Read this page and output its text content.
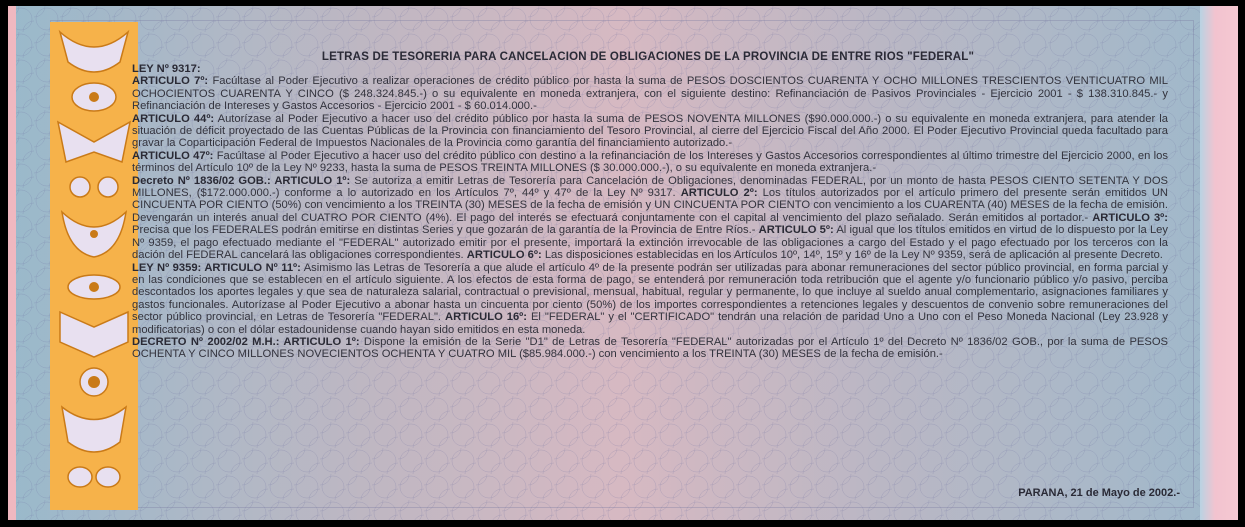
LETRAS DE TESORERIA PARA CANCELACION DE OBLIGACIONES DE LA PROVINCIA DE ENTRE RIOS "FEDERAL"

LEY Nº 9317:

ARTICULO 7º: Facúltase al Poder Ejecutivo a realizar operaciones de crédito público por hasta la suma de PESOS DOSCIENTOS CUARENTA Y OCHO MILLONES TRESCIENTOS VENTICUATRO MIL OCHOCIENTOS CUARENTA Y CINCO ($ 248.324.845.-) o su equivalente en moneda extranjera, con el siguiente destino: Refinanciación de Pasivos Provinciales - Ejercicio 2001 - $ 138.310.845.- y Refinanciación de Intereses y Gastos Accesorios - Ejercicio 2001 - $ 60.014.000.-

ARTICULO 44º: Autorízase al Poder Ejecutivo a hacer uso del crédito público por hasta la suma de PESOS NOVENTA MILLONES ($90.000.000.-) o su equivalente en moneda extranjera, para atender la situación de déficit proyectado de las Cuentas Públicas de la Provincia con financiamiento del Tesoro Provincial, al cierre del Ejercicio Fiscal del Año 2000. El Poder Ejecutivo Provincial queda facultado para gravar la Coparticipación Federal de Impuestos Nacionales de la Provincia como garantía del financiamiento autorizado.-

ARTICULO 47º: Facúltase al Poder Ejecutivo a hacer uso del crédito público con destino a la refinanciación de los Intereses y Gastos Accesorios correspondientes al último trimestre del Ejercicio 2000, en los términos del Artículo 10º de la Ley Nº 9233, hasta la suma de PESOS TREINTA MILLONES ($ 30.000.000.-), o su equivalente en moneda extranjera.-

Decreto Nº 1836/02 GOB.: ARTICULO 1º: Se autoriza a emitir Letras de Tesorería para Cancelación de Obligaciones, denominadas FEDERAL, por un monto de hasta PESOS CIENTO SETENTA Y DOS MILLONES, ($172.000.000.-) conforme a lo autorizado en los Artículos 7º, 44º y 47º de la Ley Nº 9317. ARTICULO 2º: Los títulos autorizados por el artículo primero del presente serán emitidos UN CINCUENTA POR CIENTO (50%) con vencimiento a los TREINTA (30) MESES de la fecha de emisión y UN CINCUENTA POR CIENTO con vencimiento a los CUARENTA (40) MESES de la fecha de emisión. Devengarán un interés anual del CUATRO POR CIENTO (4%). El pago del interés se efectuará conjuntamente con el capital al vencimiento del plazo señalado. Serán emitidos al portador.- ARTICULO 3º: Precisa que los FEDERALES podrán emitirse en distintas Series y que gozarán de la garantía de la Provincia de Entre Ríos.- ARTICULO 5º: Al igual que los títulos emitidos en virtud de lo dispuesto por la Ley Nº 9359, el pago efectuado mediante el "FEDERAL" autorizado emitir por el presente, importará la extinción irrevocable de las obligaciones a cargo del Estado y el pago efectuado por los terceros con la dación del FEDERAL cancelará las obligaciones correspondientes. ARTICULO 6º: Las disposiciones establecidas en los Artículos 10º, 14º, 15º y 16º de la Ley Nº 9359, será de aplicación al presente Decreto.

LEY Nº 9359: ARTICULO Nº 11º: Asimismo las Letras de Tesorería a que alude el artículo 4º de la presente podrán ser utilizadas para abonar remuneraciones del sector público provincial, en forma parcial y en las condiciones que se establecen en el artículo siguiente. A los efectos de esta forma de pago, se entenderá por remuneración toda retribución que el agente y/o funcionario público y/o pasivo, perciba descontados los aportes legales y que sea de naturaleza salarial, contractual o previsional, mensual, habitual, regular y permanente, lo que incluye al sueldo anual complementario, asignaciones familiares y gastos funcionales. Autorízase al Poder Ejecutivo a abonar hasta un cincuenta por ciento (50%) de los importes correspondientes a retenciones legales y descuentos de convenio sobre remuneraciones del sector público provincial, en Letras de Tesorería "FEDERAL". ARTICULO 16º: El "FEDERAL" y el "CERTIFICADO" tendrán una relación de paridad Uno a Uno con el Peso Moneda Nacional (Ley 23.928 y modificatorias) o con el dólar estadounidense cuando hayan sido emitidos en esta moneda.

DECRETO Nº 2002/02 M.H.: ARTICULO 1º: Dispone la emisión de la Serie "D1" de Letras de Tesorería "FEDERAL" autorizadas por el Artículo 1º del Decreto Nº 1836/02 GOB., por la suma de PESOS OCHENTA Y CINCO MILLONES NOVECIENTOS OCHENTA Y CUATRO MIL ($85.984.000.-) con vencimiento a los TREINTA (30) MESES de la fecha de emisión.-

PARANA, 21 de Mayo de 2002.-
